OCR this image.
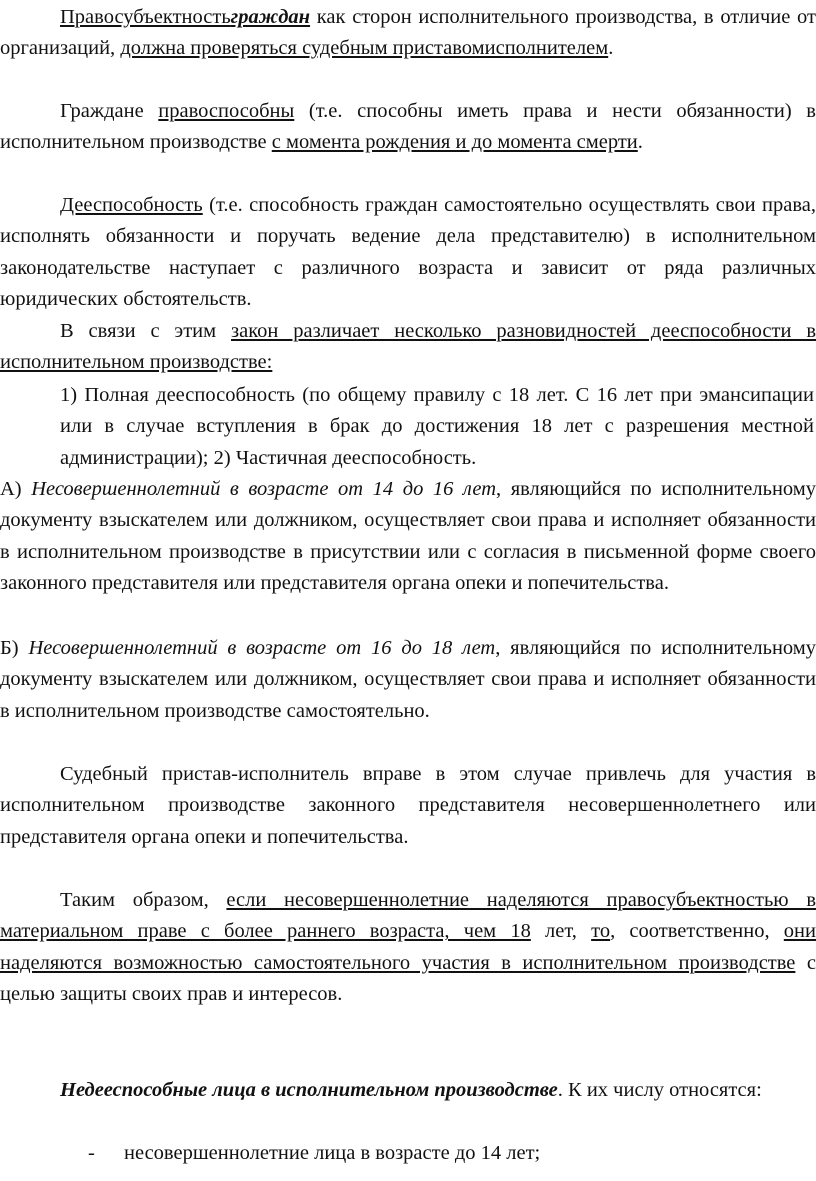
Правосубъектностьграждан как сторон исполнительного производства, в отличие от организаций, должна проверяться судебным приставомисполнителем.

Граждане правоспособны (т.е. способны иметь права и нести обязанности) в исполнительном производстве с момента рождения и до момента смерти.

Дееспособность (т.е. способность граждан самостоятельно осуществлять свои права, исполнять обязанности и поручать ведение дела представителю) в исполнительном законодательстве наступает с различного возраста и зависит от ряда различных юридических обстоятельств.

В связи с этим закон различает несколько разновидностей дееспособности в исполнительном производстве:

1) Полная дееспособность (по общему правилу с 18 лет. С 16 лет при эмансипации или в случае вступления в брак до достижения 18 лет с разрешения местной администрации); 2) Частичная дееспособность.

А) Несовершеннолетний в возрасте от 14 до 16 лет, являющийся по исполнительному документу взыскателем или должником, осуществляет свои права и исполняет обязанности в исполнительном производстве в присутствии или с согласия в письменной форме своего законного представителя или представителя органа опеки и попечительства.

Б) Несовершеннолетний в возрасте от 16 до 18 лет, являющийся по исполнительному документу взыскателем или должником, осуществляет свои права и исполняет обязанности в исполнительном производстве самостоятельно.

Судебный пристав-исполнитель вправе в этом случае привлечь для участия в исполнительном производстве законного представителя несовершеннолетнего или представителя органа опеки и попечительства.

Таким образом, если несовершеннолетние наделяются правосубъектностью в материальном праве с более раннего возраста, чем 18 лет, то, соответственно, они наделяются возможностью самостоятельного участия в исполнительном производстве с целью защиты своих прав и интересов.

Недееспособные лица в исполнительном производстве. К их числу относятся:

- несовершеннолетние лица в возрасте до 14 лет;
